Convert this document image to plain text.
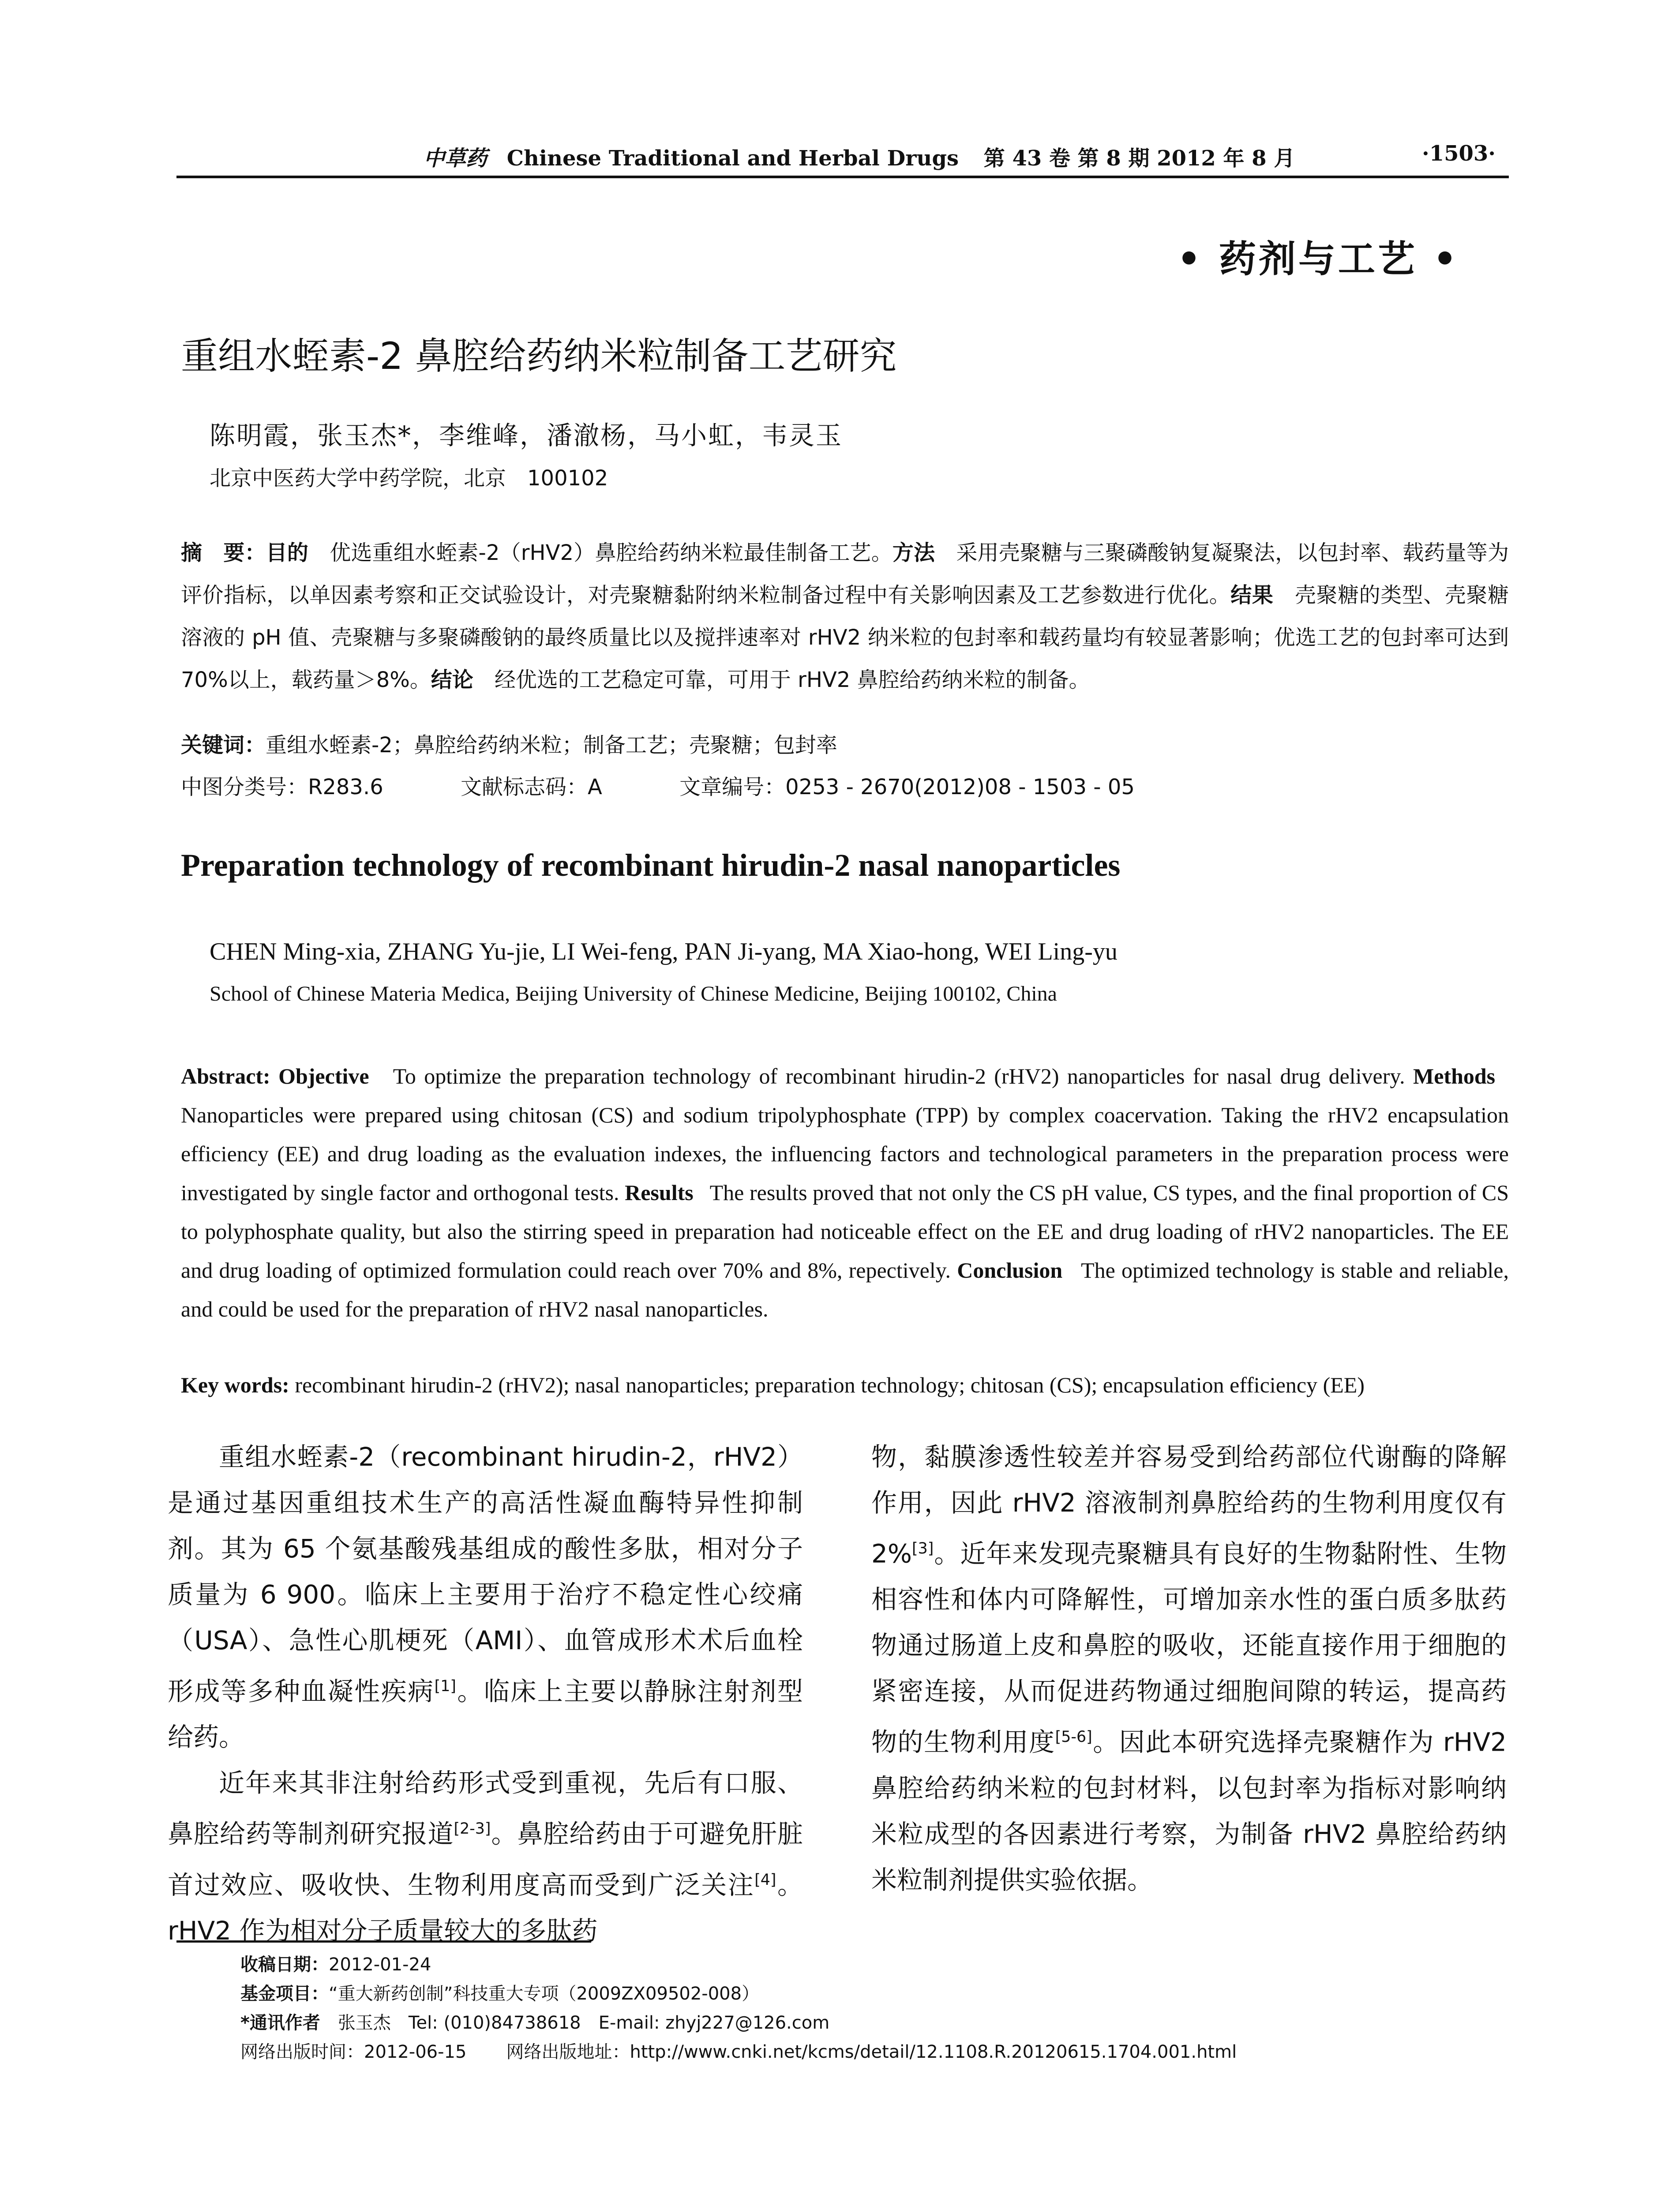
中草药 Chinese Traditional and Herbal Drugs 第 43 卷 第 8 期 2012 年 8 月	·1503·
• 药剂与工艺 •
重组水蛭素-2 鼻腔给药纳米粒制备工艺研究
陈明霞，张玉杰*，李维峰，潘澈杨，马小虹，韦灵玉
北京中医药大学中药学院，北京　100102
摘　要：目的　优选重组水蛭素-2（rHV2）鼻腔给药纳米粒最佳制备工艺。方法　采用壳聚糖与三聚磷酸钠复凝聚法，以包封率、载药量等为评价指标，以单因素考察和正交试验设计，对壳聚糖黏附纳米粒制备过程中有关影响因素及工艺参数进行优化。结果　壳聚糖的类型、壳聚糖溶液的 pH 值、壳聚糖与多聚磷酸钠的最终质量比以及搅拌速率对 rHV2 纳米粒的包封率和载药量均有较显著影响；优选工艺的包封率可达到 70%以上，载药量＞8%。结论　经优选的工艺稳定可靠，可用于 rHV2 鼻腔给药纳米粒的制备。
关键词：重组水蛭素-2；鼻腔给药纳米粒；制备工艺；壳聚糖；包封率
中图分类号：R283.6	文献标志码：A	文章编号：0253 - 2670(2012)08 - 1503 - 05
Preparation technology of recombinant hirudin-2 nasal nanoparticles
CHEN Ming-xia, ZHANG Yu-jie, LI Wei-feng, PAN Ji-yang, MA Xiao-hong, WEI Ling-yu
School of Chinese Materia Medica, Beijing University of Chinese Medicine, Beijing 100102, China
Abstract: Objective To optimize the preparation technology of recombinant hirudin-2 (rHV2) nanoparticles for nasal drug delivery. Methods   Nanoparticles were prepared using chitosan (CS) and sodium tripolyphosphate (TPP) by complex coacervation. Taking the rHV2 encapsulation efficiency (EE) and drug loading as the evaluation indexes, the influencing factors and technological parameters in the preparation process were investigated by single factor and orthogonal tests. Results The results proved that not only the CS pH value, CS types, and the final proportion of CS to polyphosphate quality, but also the stirring speed in preparation had noticeable effect on the EE and drug loading of rHV2 nanoparticles. The EE and drug loading of optimized formulation could reach over 70% and 8%, repectively. Conclusion The optimized technology is stable and reliable, and could be used for the preparation of rHV2 nasal nanoparticles.
Key words: recombinant hirudin-2 (rHV2); nasal nanoparticles; preparation technology; chitosan (CS); encapsulation efficiency (EE)

重组水蛭素-2（recombinant hirudin-2，rHV2）是通过基因重组技术生产的高活性凝血酶特异性抑制剂。其为 65 个氨基酸残基组成的酸性多肽，相对分子质量为 6 900。临床上主要用于治疗不稳定性心绞痛（USA）、急性心肌梗死（AMI）、血管成形术术后血栓形成等多种血凝性疾病[1]。临床上主要以静脉注射剂型给药。

近年来其非注射给药形式受到重视，先后有口服、鼻腔给药等制剂研究报道[2-3]。鼻腔给药由于可避免肝脏首过效应、吸收快、生物利用度高而受到广泛关注[4]。rHV2 作为相对分子质量较大的多肽药

物，黏膜渗透性较差并容易受到给药部位代谢酶的降解作用，因此 rHV2 溶液制剂鼻腔给药的生物利用度仅有 2%[3]。近年来发现壳聚糖具有良好的生物黏附性、生物相容性和体内可降解性，可增加亲水性的蛋白质多肽药物通过肠道上皮和鼻腔的吸收，还能直接作用于细胞的紧密连接，从而促进药物通过细胞间隙的转运，提高药物的生物利用度[5-6]。因此本研究选择壳聚糖作为 rHV2 鼻腔给药纳米粒的包封材料，以包封率为指标对影响纳米粒成型的各因素进行考察，为制备 rHV2 鼻腔给药纳米粒制剂提供实验依据。

收稿日期：2012-01-24
基金项目：“重大新药创制”科技重大专项（2009ZX09502-008）
*通讯作者　 张玉杰　Tel: (010)84738618　E-mail: zhyj227@126.com
网络出版时间：2012-06-15 网络出版地址：http://www.cnki.net/kcms/detail/12.1108.R.20120615.1704.001.html
